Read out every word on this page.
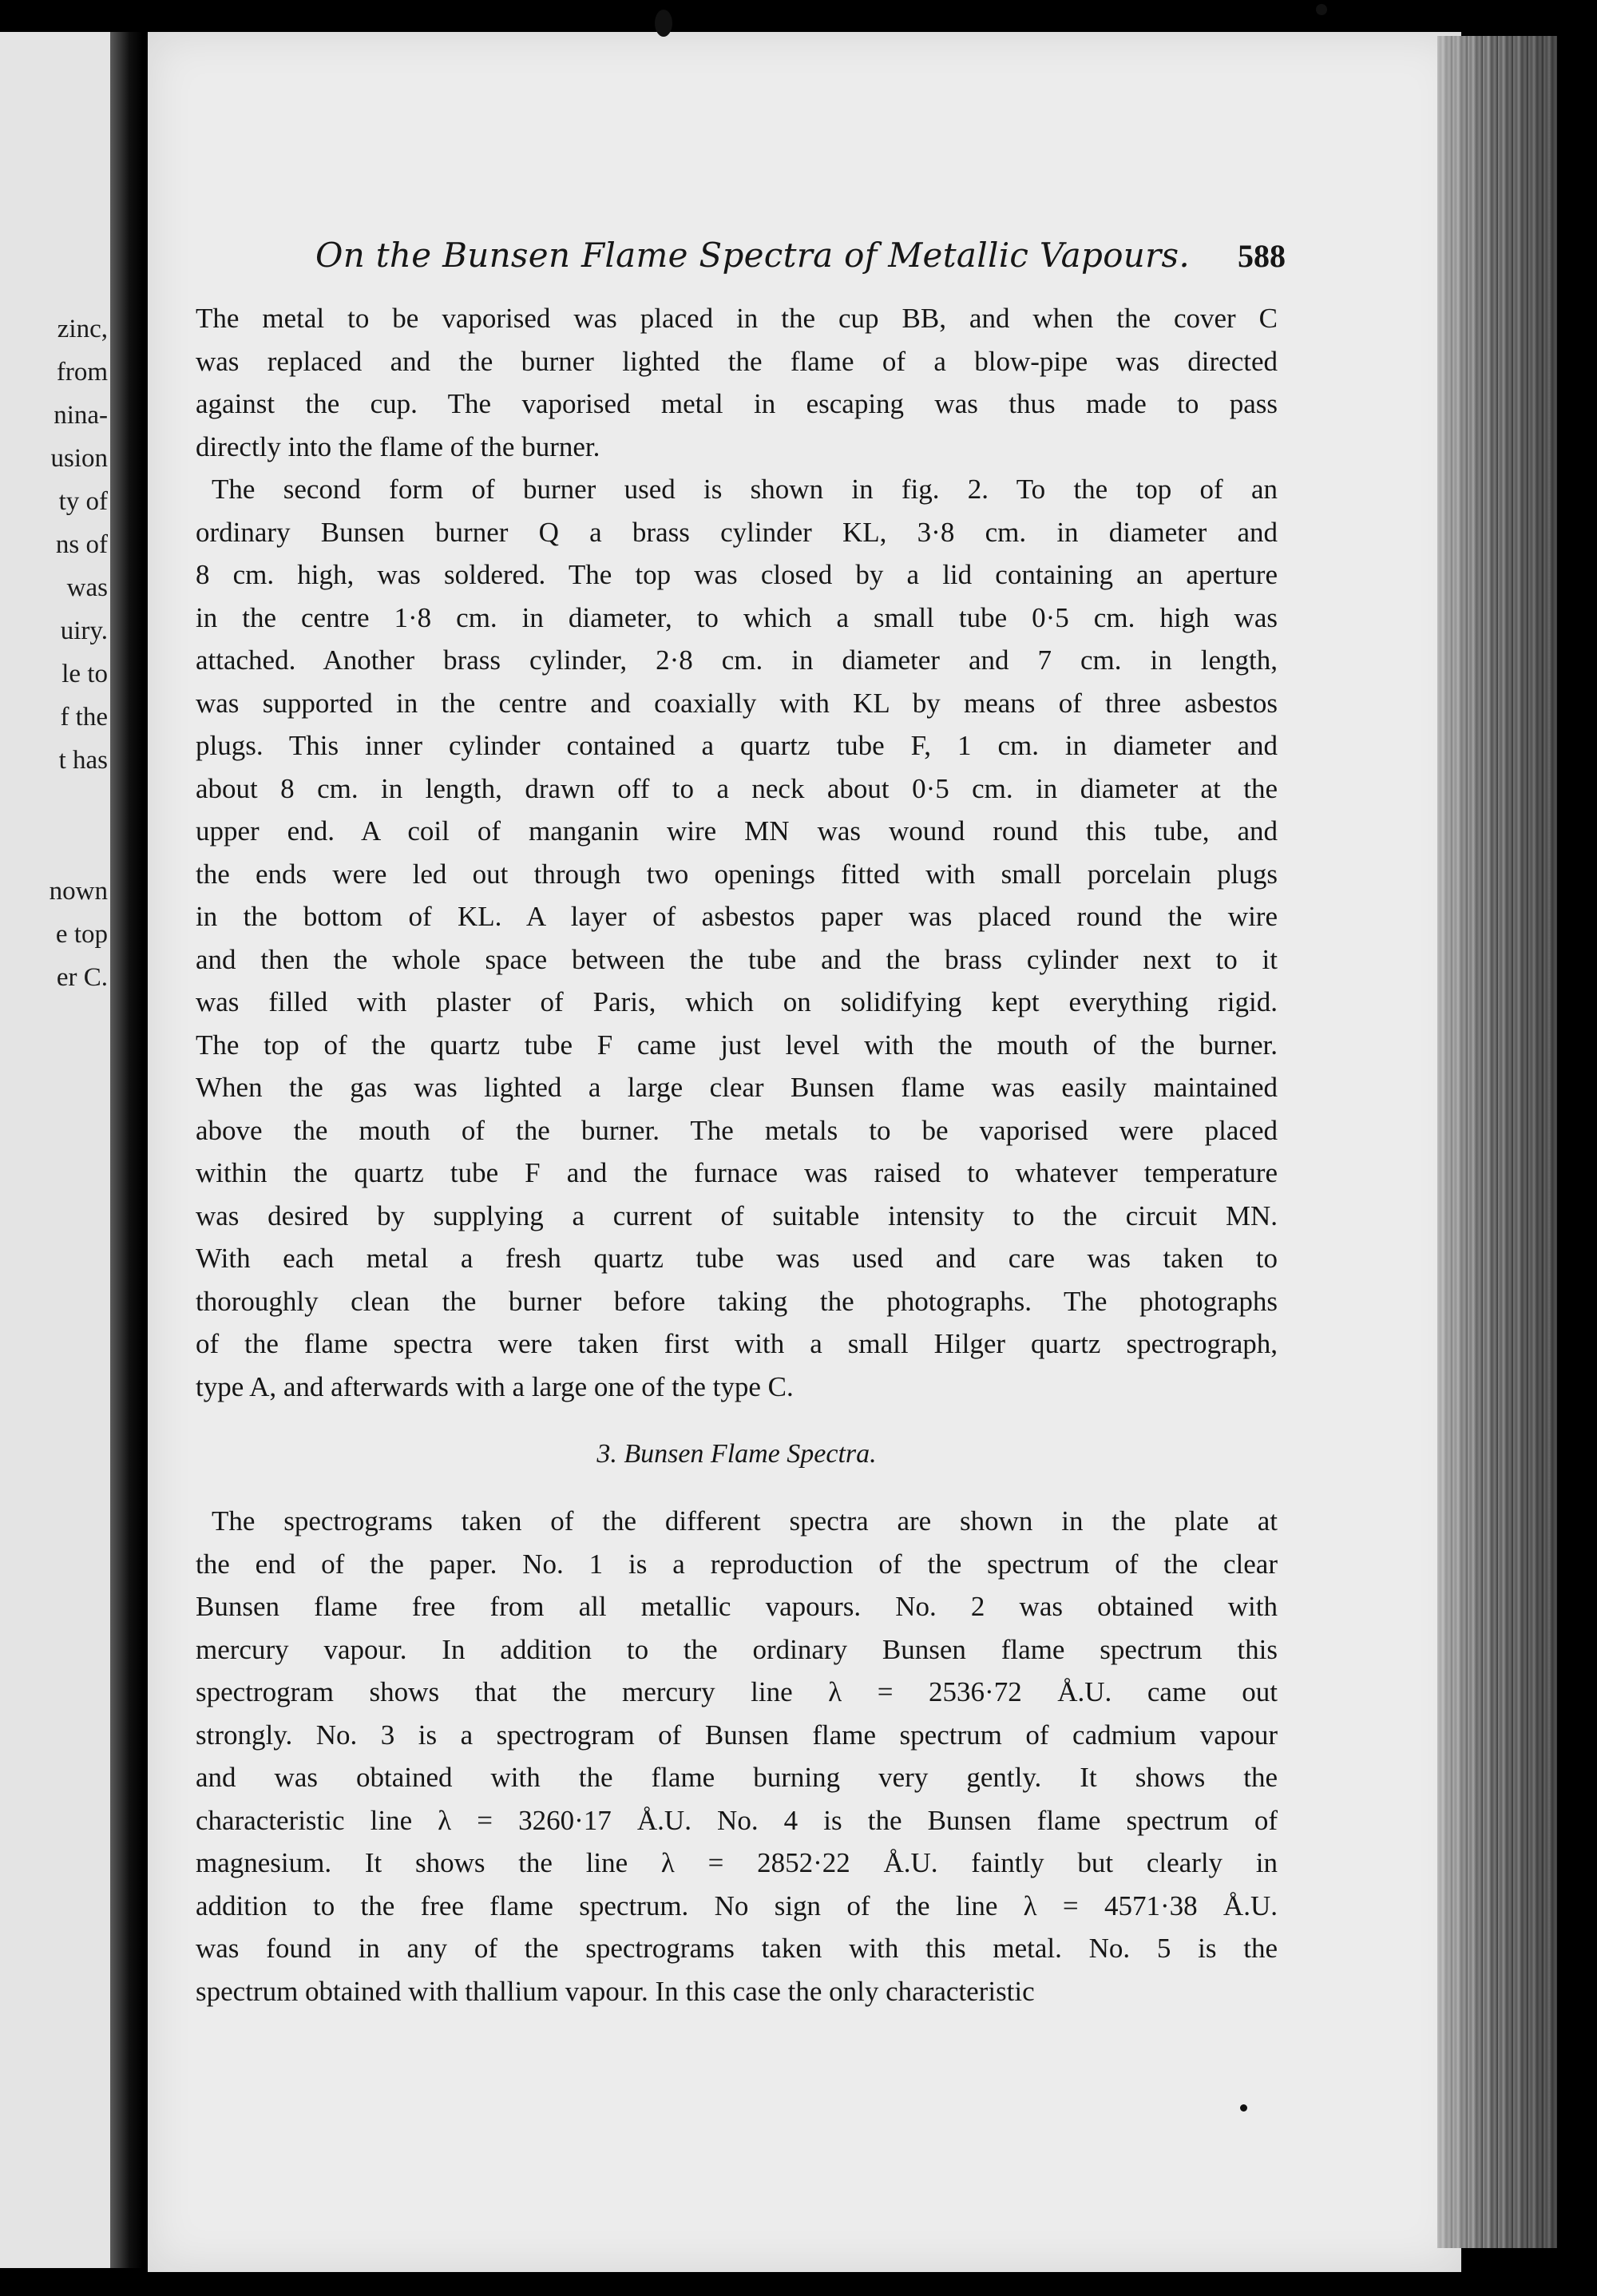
zinc,
from
nina-
usion
ty of
ns of
was
uiry.
le to
f the
t has
nown
e top
er C.
On the Bunsen Flame Spectra of Metallic Vapours. 588
The metal to be vaporised was placed in the cup BB, and when the cover C
was replaced and the burner lighted the flame of a blow-pipe was directed
against the cup. The vaporised metal in escaping was thus made to pass
directly into the flame of the burner.
The second form of burner used is shown in fig. 2. To the top of an
ordinary Bunsen burner Q a brass cylinder KL, 3·8 cm. in diameter and
8 cm. high, was soldered. The top was closed by a lid containing an aperture
in the centre 1·8 cm. in diameter, to which a small tube 0·5 cm. high was
attached. Another brass cylinder, 2·8 cm. in diameter and 7 cm. in length,
was supported in the centre and coaxially with KL by means of three asbestos
plugs. This inner cylinder contained a quartz tube F, 1 cm. in diameter and
about 8 cm. in length, drawn off to a neck about 0·5 cm. in diameter at the
upper end. A coil of manganin wire MN was wound round this tube, and
the ends were led out through two openings fitted with small porcelain plugs
in the bottom of KL. A layer of asbestos paper was placed round the wire
and then the whole space between the tube and the brass cylinder next to it
was filled with plaster of Paris, which on solidifying kept everything rigid.
The top of the quartz tube F came just level with the mouth of the burner.
When the gas was lighted a large clear Bunsen flame was easily maintained
above the mouth of the burner. The metals to be vaporised were placed
within the quartz tube F and the furnace was raised to whatever temperature
was desired by supplying a current of suitable intensity to the circuit MN.
With each metal a fresh quartz tube was used and care was taken to
thoroughly clean the burner before taking the photographs. The photographs
of the flame spectra were taken first with a small Hilger quartz spectrograph,
type A, and afterwards with a large one of the type C.
3. Bunsen Flame Spectra.
The spectrograms taken of the different spectra are shown in the plate at
the end of the paper. No. 1 is a reproduction of the spectrum of the clear
Bunsen flame free from all metallic vapours. No. 2 was obtained with
mercury vapour. In addition to the ordinary Bunsen flame spectrum this
spectrogram shows that the mercury line λ = 2536·72 Å.U. came out
strongly. No. 3 is a spectrogram of Bunsen flame spectrum of cadmium vapour
and was obtained with the flame burning very gently. It shows the
characteristic line λ = 3260·17 Å.U. No. 4 is the Bunsen flame spectrum of
magnesium. It shows the line λ = 2852·22 Å.U. faintly but clearly in
addition to the free flame spectrum. No sign of the line λ = 4571·38 Å.U.
was found in any of the spectrograms taken with this metal. No. 5 is the
spectrum obtained with thallium vapour. In this case the only characteristic
